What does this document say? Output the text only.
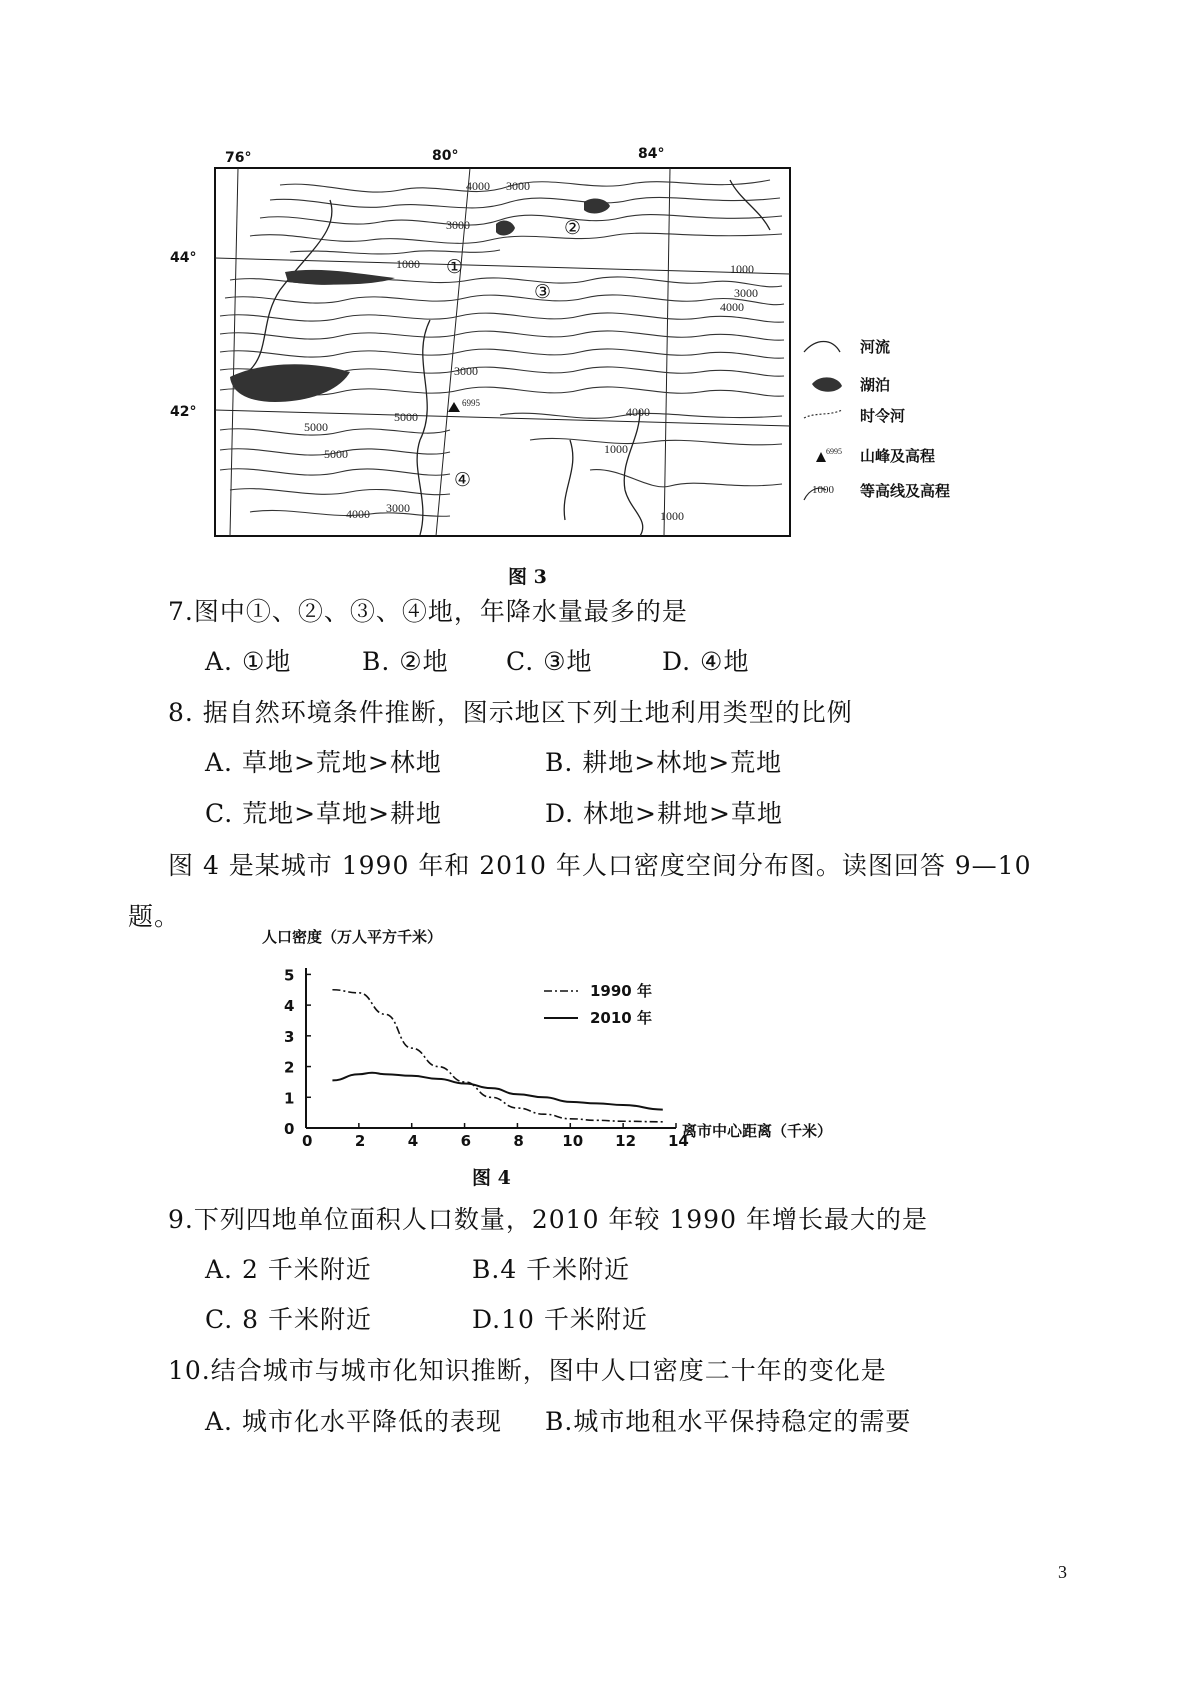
76°	80°	84°
44°
42°
①
②
③
④
4000 3000
3000
1000	1000
3000
4000
3000
5000
5000
5000
4000
1000
4000 3000
1000
6995
河流
湖泊
时令河
6995 山峰及高程
1000 等高线及高程
图 3
7.图中①、②、③、④地，年降水量最多的是
A. ①地	B. ②地 C. ③地	D. ④地
8. 据自然环境条件推断，图示地区下列土地利用类型的比例
A. 草地>荒地>林地	B. 耕地>林地>荒地
C. 荒地>草地>耕地	D. 林地>耕地>草地
图 4 是某城市 1990 年和 2010 年人口密度空间分布图。读图回答 9—10
题。
人口密度（万人平方千米）
0
1
2
3
4
5
0	2	4	6	8	10 12 14
1990 年
2010 年
离市中心距离（千米）
图 4
9.下列四地单位面积人口数量，2010 年较 1990 年增长最大的是
A. 2 千米附近	B.4 千米附近
C. 8 千米附近	D.10 千米附近
10.结合城市与城市化知识推断，图中人口密度二十年的变化是
A. 城市化水平降低的表现 B.城市地租水平保持稳定的需要
3
